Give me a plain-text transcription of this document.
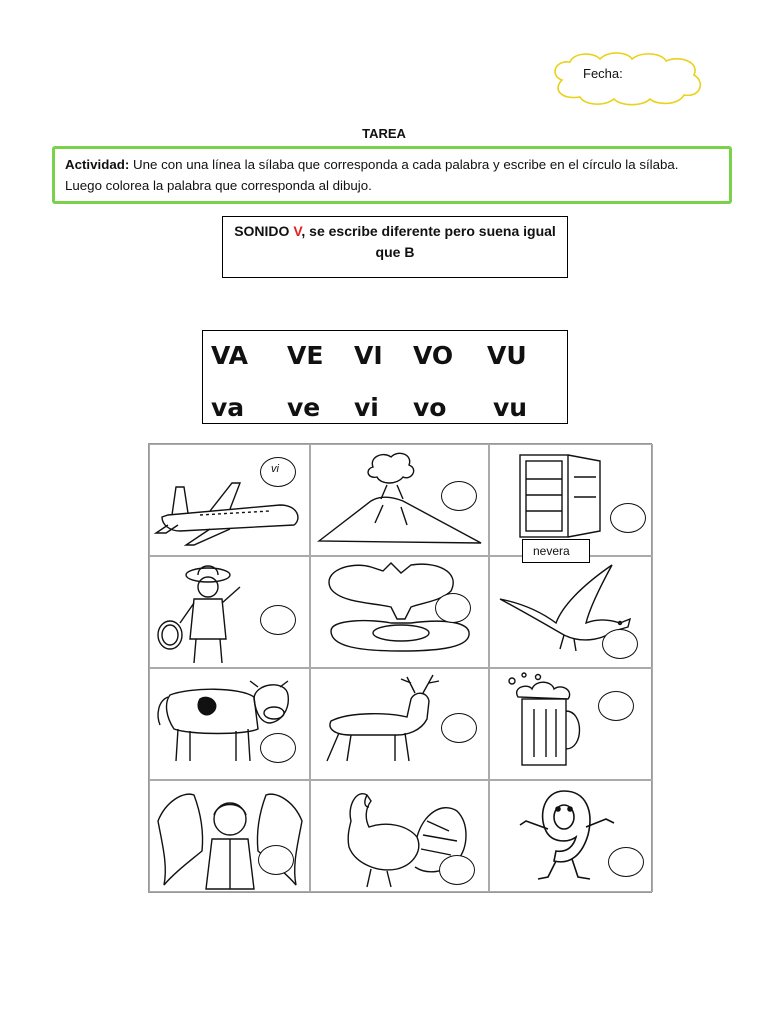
Fecha:
TAREA
Actividad: Une con una línea la sílaba que corresponda a cada palabra y escribe en el círculo la sílaba. Luego colorea la palabra que corresponda al dibujo.
SONIDO V, se escribe diferente pero suena igual que B
VA VE VI VO VU
va ve vi vo vu
vi
nevera
